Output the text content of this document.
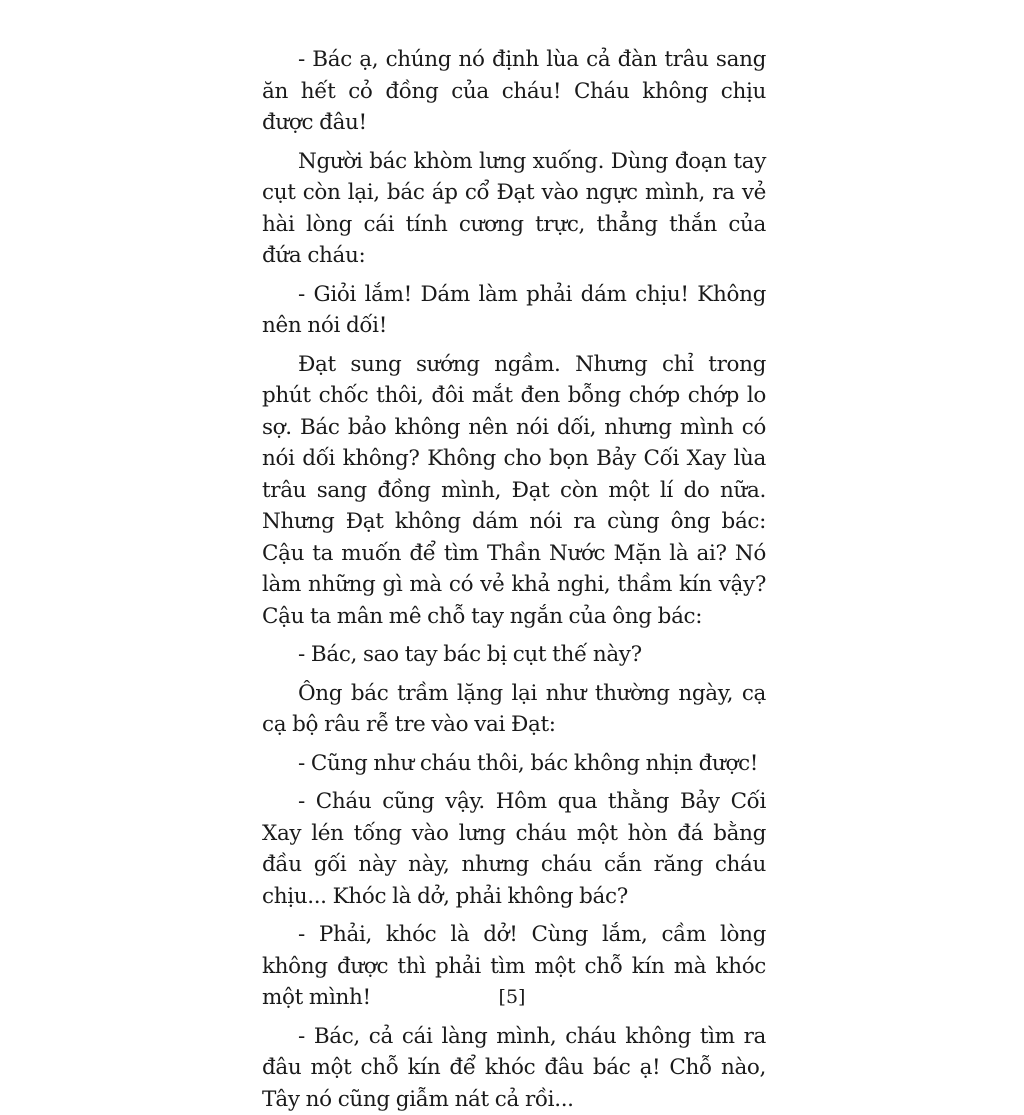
- Bác ạ, chúng nó định lùa cả đàn trâu sang ăn hết cỏ đồng của cháu! Cháu không chịu được đâu!

Người bác khòm lưng xuống. Dùng đoạn tay cụt còn lại, bác áp cổ Đạt vào ngực mình, ra vẻ hài lòng cái tính cương trực, thẳng thắn của đứa cháu:

- Giỏi lắm! Dám làm phải dám chịu! Không nên nói dối!

Đạt sung sướng ngầm. Nhưng chỉ trong phút chốc thôi, đôi mắt đen bỗng chớp chớp lo sợ. Bác bảo không nên nói dối, nhưng mình có nói dối không? Không cho bọn Bảy Cối Xay lùa trâu sang đồng mình, Đạt còn một lí do nữa. Nhưng Đạt không dám nói ra cùng ông bác: Cậu ta muốn để tìm Thần Nước Mặn là ai? Nó làm những gì mà có vẻ khả nghi, thầm kín vậy? Cậu ta mân mê chỗ tay ngắn của ông bác:

- Bác, sao tay bác bị cụt thế này?

Ông bác trầm lặng lại như thường ngày, cạ cạ bộ râu rễ tre vào vai Đạt:

- Cũng như cháu thôi, bác không nhịn được!

- Cháu cũng vậy. Hôm qua thằng Bảy Cối Xay lén tống vào lưng cháu một hòn đá bằng đầu gối này này, nhưng cháu cắn răng cháu chịu... Khóc là dở, phải không bác?

- Phải, khóc là dở! Cùng lắm, cầm lòng không được thì phải tìm một chỗ kín mà khóc một mình!

- Bác, cả cái làng mình, cháu không tìm ra đâu một chỗ kín để khóc đâu bác ạ! Chỗ nào, Tây nó cũng giẫm nát cả rồi...

[5]
